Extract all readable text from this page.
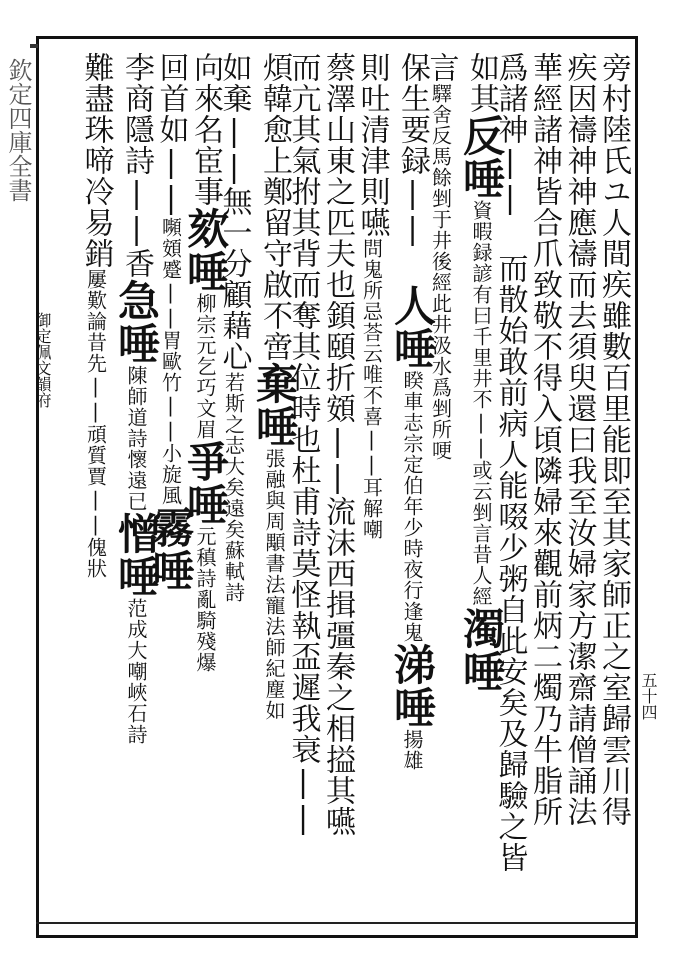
欽定四庫全書
御定佩文韻府
五十四
旁村陸氏ユ人間疾雖數百里能即至其家師正之室歸雲川得
疾因禱神神應禱而去須臾還曰我至汝婦家方潔齋請僧誦法
華經諸神皆合爪致敬不得入頃隣婦來觀前炳二燭乃牛脂所
爲諸神|| 而散始敢前病人能啜少粥自此安矣及歸驗之皆
如其反唾資暇録諺有曰千里井不||或云剉言昔人經濁唾
言驛舍反馬餘剉于井後經此井汲水爲剉所哽
保生要録|| 人唾睽車志宗定伯年少時夜行逢鬼涕唾揚雄
則吐清津則嚥問鬼所忌荅云唯不喜||耳解嘲
蔡澤山東之匹夫也顉頤折頞||流沫西揖彊秦之相搤其嚥
而亢其氣拊其背而奪其位時也杜甫詩莫怪執盃遲我衰||
煩韓愈上鄭留守啟不啻棄唾張融與周顒書法寵法師紀塵如
如棄||無一分顧藉心若斯之志大矣遠矣蘇軾詩
向來名宦事欬唾柳宗元乞巧文眉爭唾元稹詩亂騎殘爆
回首如||嚬頞蹙||胃歐竹||小旋風霧唾
李商隱詩||香急唾陳師道詩懷遠已憎唾范成大嘲峽石詩
難盡珠啼冷易銷屢歎論昔先||頑質賈||傀狀
